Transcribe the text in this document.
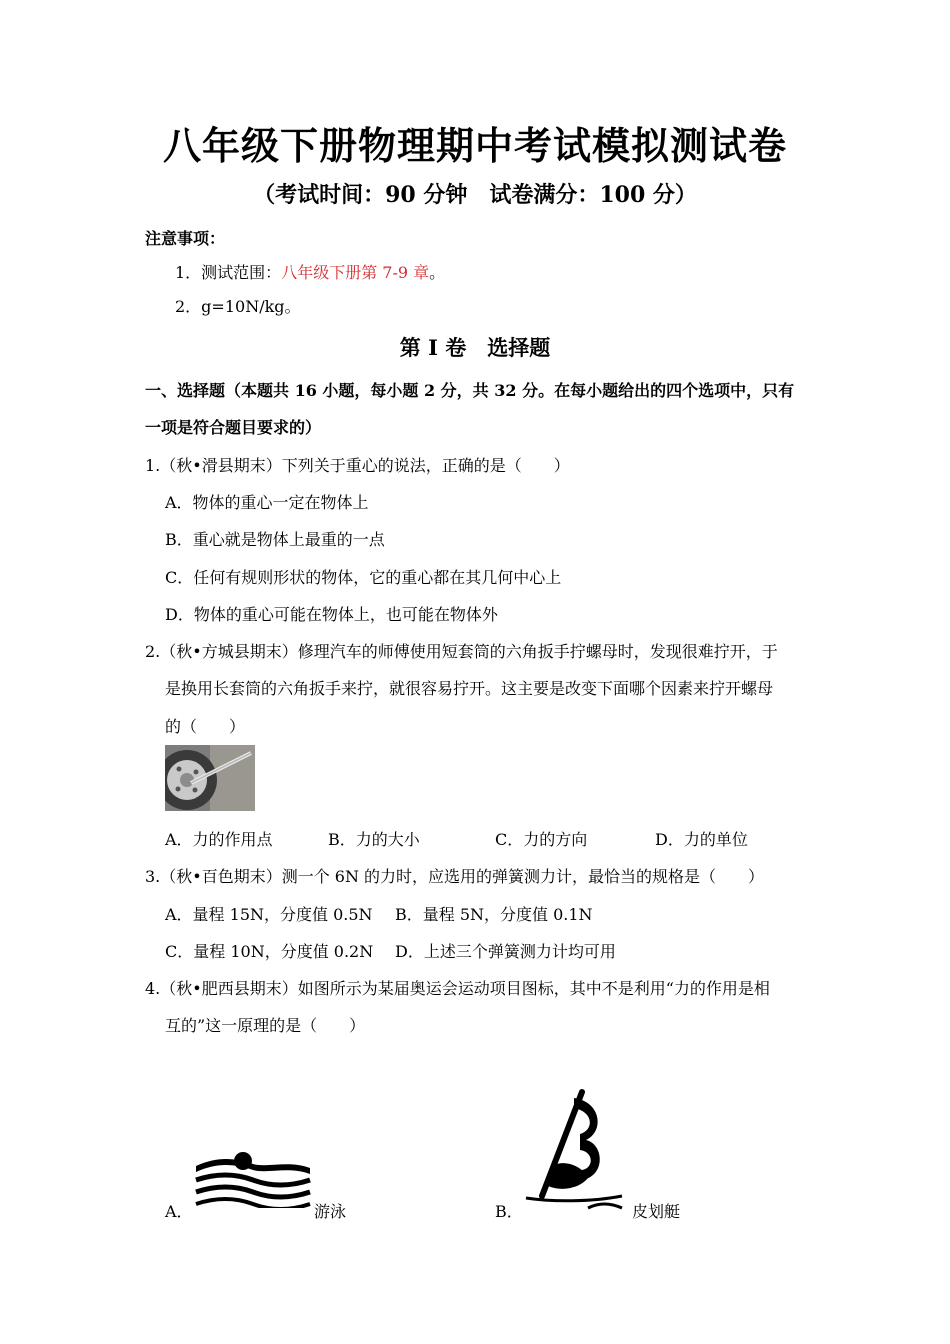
八年级下册物理期中考试模拟测试卷
（考试时间：90 分钟　试卷满分：100 分）
注意事项：
1．测试范围：八年级下册第 7-9 章。
2．g=10N/kg。
第 I 卷　选择题
一、选择题（本题共 16 小题，每小题 2 分，共 32 分。在每小题给出的四个选项中，只有
一项是符合题目要求的）
1.（秋•滑县期末）下列关于重心的说法，正确的是（　　）
A．物体的重心一定在物体上
B．重心就是物体上最重的一点
C．任何有规则形状的物体，它的重心都在其几何中心上
D．物体的重心可能在物体上，也可能在物体外
2.（秋•方城县期末）修理汽车的师傅使用短套筒的六角扳手拧螺母时，发现很难拧开，于
是换用长套筒的六角扳手来拧，就很容易拧开。这主要是改变下面哪个因素来拧开螺母
的（　　）
A．力的作用点	B．力的大小	C．力的方向	D．力的单位
3.（秋•百色期末）测一个 6N 的力时，应选用的弹簧测力计，最恰当的规格是（　　）
A．量程 15N，分度值 0.5N B．量程 5N，分度值 0.1N
C．量程 10N，分度值 0.2N D．上述三个弹簧测力计均可用
4.（秋•肥西县期末）如图所示为某届奥运会运动项目图标，其中不是利用“力的作用是相
互的”这一原理的是（　　）
A．	游泳	B．	皮划艇
